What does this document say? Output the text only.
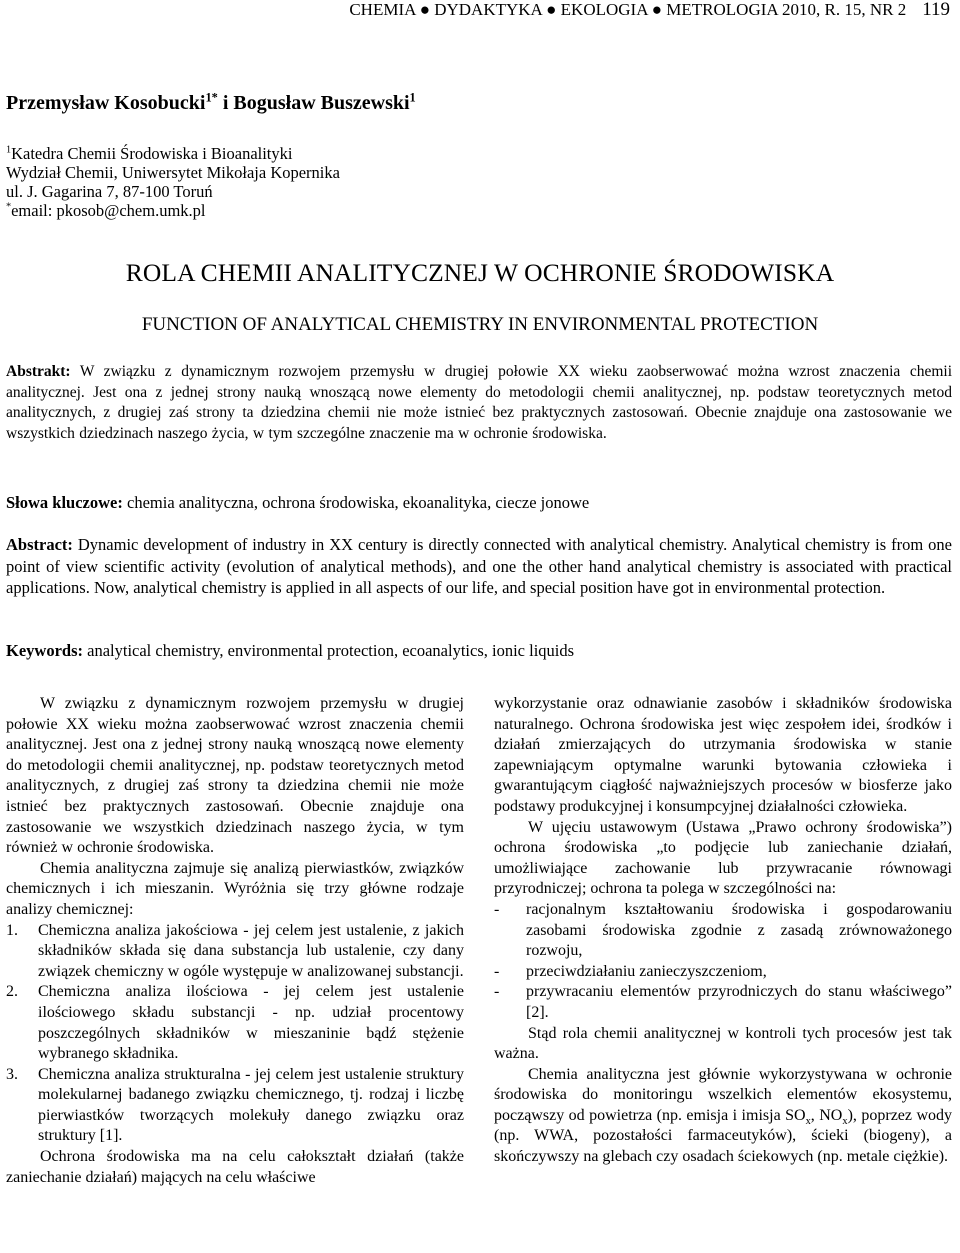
CHEMIA ● DYDAKTYKA ● EKOLOGIA ● METROLOGIA 2010, R. 15, NR 2 119
Przemysław Kosobucki$^{1*}$ i Bogusław Buszewski$^1$
$^1$Katedra Chemii Środowiska i Bioanalityki
Wydział Chemii, Uniwersytet Mikołaja Kopernika
ul. J. Gagarina 7, 87-100 Toruń
*email: pkosob@chem.umk.pl
ROLA CHEMII ANALITYCZNEJ W OCHRONIE ŚRODOWISKA
FUNCTION OF ANALYTICAL CHEMISTRY IN ENVIRONMENTAL PROTECTION
Abstrakt: W związku z dynamicznym rozwojem przemysłu w drugiej połowie XX wieku zaobserwować można wzrost znaczenia chemii analitycznej. Jest ona z jednej strony nauką wnoszącą nowe elementy do metodologii chemii analitycznej, np. podstaw teoretycznych metod analitycznych, z drugiej zaś strony ta dziedzina chemii nie może istnieć bez praktycznych zastosowań. Obecnie znajduje ona zastosowanie we wszystkich dziedzinach naszego życia, w tym szczególne znaczenie ma w ochronie środowiska.
Słowa kluczowe: chemia analityczna, ochrona środowiska, ekoanalityka, ciecze jonowe
Abstract: Dynamic development of industry in XX century is directly connected with analytical chemistry. Analytical chemistry is from one point of view scientific activity (evolution of analytical methods), and one the other hand analytical chemistry is associated with practical applications. Now, analytical chemistry is applied in all aspects of our life, and special position have got in environmental protection.
Keywords: analytical chemistry, environmental protection, ecoanalytics, ionic liquids

W związku z dynamicznym rozwojem przemysłu w drugiej połowie XX wieku można zaobserwować wzrost znaczenia chemii analitycznej. Jest ona z jednej strony nauką wnoszącą nowe elementy do metodologii chemii analitycznej, np. podstaw teoretycznych metod analitycznych, z drugiej zaś strony ta dziedzina chemii nie może istnieć bez praktycznych zastosowań. Obecnie znajduje ona zastosowanie we wszystkich dziedzinach naszego życia, w tym również w ochronie środowiska.

Chemia analityczna zajmuje się analizą pierwiastków, związków chemicznych i ich mieszanin. Wyróżnia się trzy główne rodzaje analizy chemicznej:

1.	Chemiczna analiza jakościowa - jej celem jest ustalenie, z jakich składników składa się dana substancja lub ustalenie, czy dany związek chemiczny w ogóle występuje w analizowanej substancji.
2.	Chemiczna analiza ilościowa - jej celem jest ustalenie ilościowego składu substancji - np. udział procentowy poszczególnych składników w mieszaninie bądź stężenie wybranego składnika.
3.	Chemiczna analiza strukturalna - jej celem jest ustalenie struktury molekularnej badanego związku chemicznego, tj. rodzaj i liczbę pierwiastków tworzących molekuły danego związku oraz struktury [1].

Ochrona środowiska ma na celu całokształt działań (także zaniechanie działań) mających na celu właściwe

wykorzystanie oraz odnawianie zasobów i składników środowiska naturalnego. Ochrona środowiska jest więc zespołem idei, środków i działań zmierzających do utrzymania środowiska w stanie zapewniającym optymalne warunki bytowania człowieka i gwarantującym ciągłość najważniejszych procesów w biosferze jako podstawy produkcyjnej i konsumpcyjnej działalności człowieka.

W ujęciu ustawowym (Ustawa „Prawo ochrony środowiska”) ochrona środowiska „to podjęcie lub zaniechanie działań, umożliwiające zachowanie lub przywracanie równowagi przyrodniczej; ochrona ta polega w szczególności na:

-	racjonalnym kształtowaniu środowiska i gospodarowaniu zasobami środowiska zgodnie z zasadą zrównoważonego rozwoju,
-	przeciwdziałaniu zanieczyszczeniom,
-	przywracaniu elementów przyrodniczych do stanu właściwego” [2].

Stąd rola chemii analitycznej w kontroli tych procesów jest tak ważna.

Chemia analityczna jest głównie wykorzystywana w ochronie środowiska do monitoringu wszelkich elementów ekosystemu, począwszy od powietrza (np. emisja i imisja $SO_x$, $NO_x$), poprzez wody (np. WWA, pozostałości farmaceutyków), ścieki (biogeny), a skończywszy na glebach czy osadach ściekowych (np. metale ciężkie).
